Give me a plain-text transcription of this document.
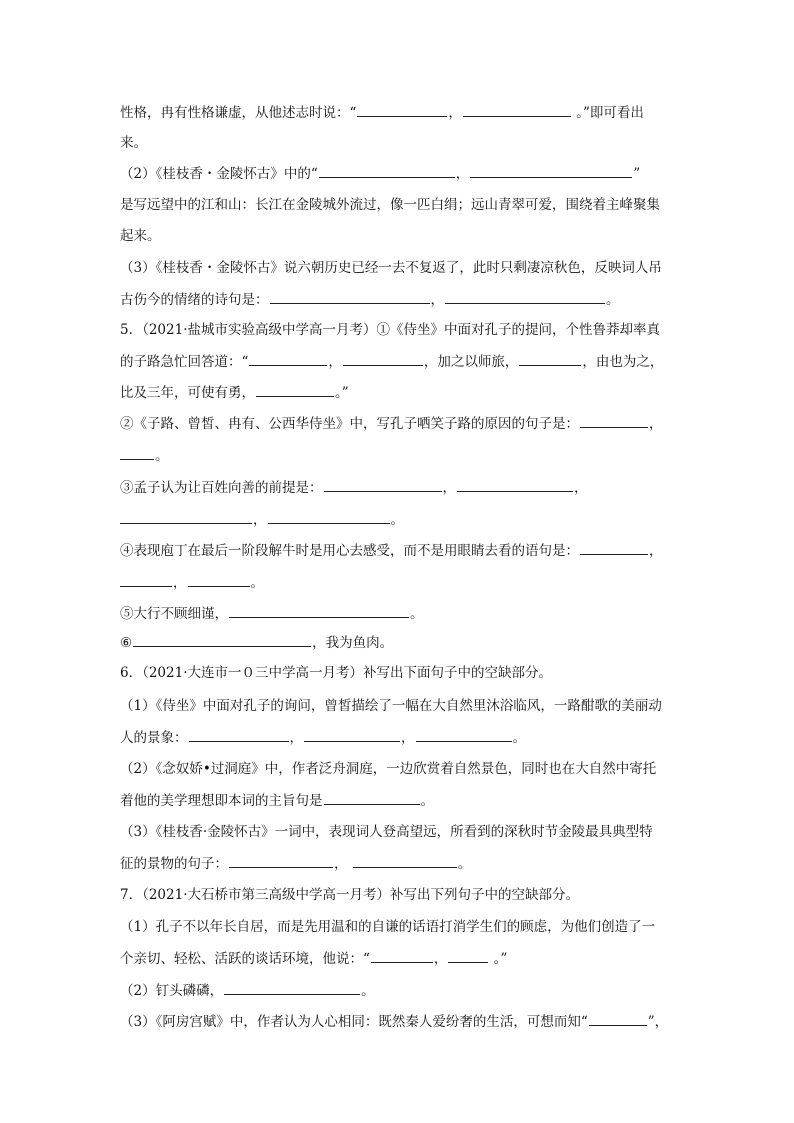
性格，冉有性格谦虚，从他述志时说：“	，	。”即可看出
来。
（2）《桂枝香・金陵怀古》中的“	，	”
是写远望中的江和山：长江在金陵城外流过，像一匹白绢；远山青翠可爱，围绕着主峰聚集
起来。
（3）《桂枝香・金陵怀古》说六朝历史已经一去不复返了，此时只剩凄凉秋色，反映词人吊
古伤今的情绪的诗句是：	，	。
5．（2021·盐城市实验高级中学高一月考）①《侍坐》中面对孔子的提问，个性鲁莽却率真
的子路急忙回答道：“	，	，加之以师旅，	，由也为之，
比及三年，可使有勇，	。”
②《子路、曾皙、冉有、公西华侍坐》中，写孔子哂笑子路的原因的句子是：	，
。
③孟子认为让百姓向善的前提是：	，	，
，	。
④表现庖丁在最后一阶段解牛时是用心去感受，而不是用眼睛去看的语句是：	，
，	。
⑤大行不顾细谨，	。
⑥	，我为鱼肉。
6．（2021·大连市一０三中学高一月考）补写出下面句子中的空缺部分。
（1）《侍坐》中面对孔子的询问，曾皙描绘了一幅在大自然里沐浴临风，一路酣歌的美丽动
人的景象：	，	，	。
（2）《念奴娇•过洞庭》中，作者泛舟洞庭，一边欣赏着自然景色，同时也在大自然中寄托
着他的美学理想即本词的主旨句是	。
（3）《桂枝香·金陵怀古》一词中，表现词人登高望远，所看到的深秋时节金陵最具典型特
征的景物的句子：	，	。
7．（2021·大石桥市第三高级中学高一月考）补写出下列句子中的空缺部分。
（1）孔子不以年长自居，而是先用温和的自谦的话语打消学生们的顾虑，为他们创造了一
个亲切、轻松、活跃的谈话环境，他说：“	，	。”
（2）钉头磷磷，	。
（3）《阿房宫赋》中，作者认为人心相同：既然秦人爱纷奢的生活，可想而知“	”，
